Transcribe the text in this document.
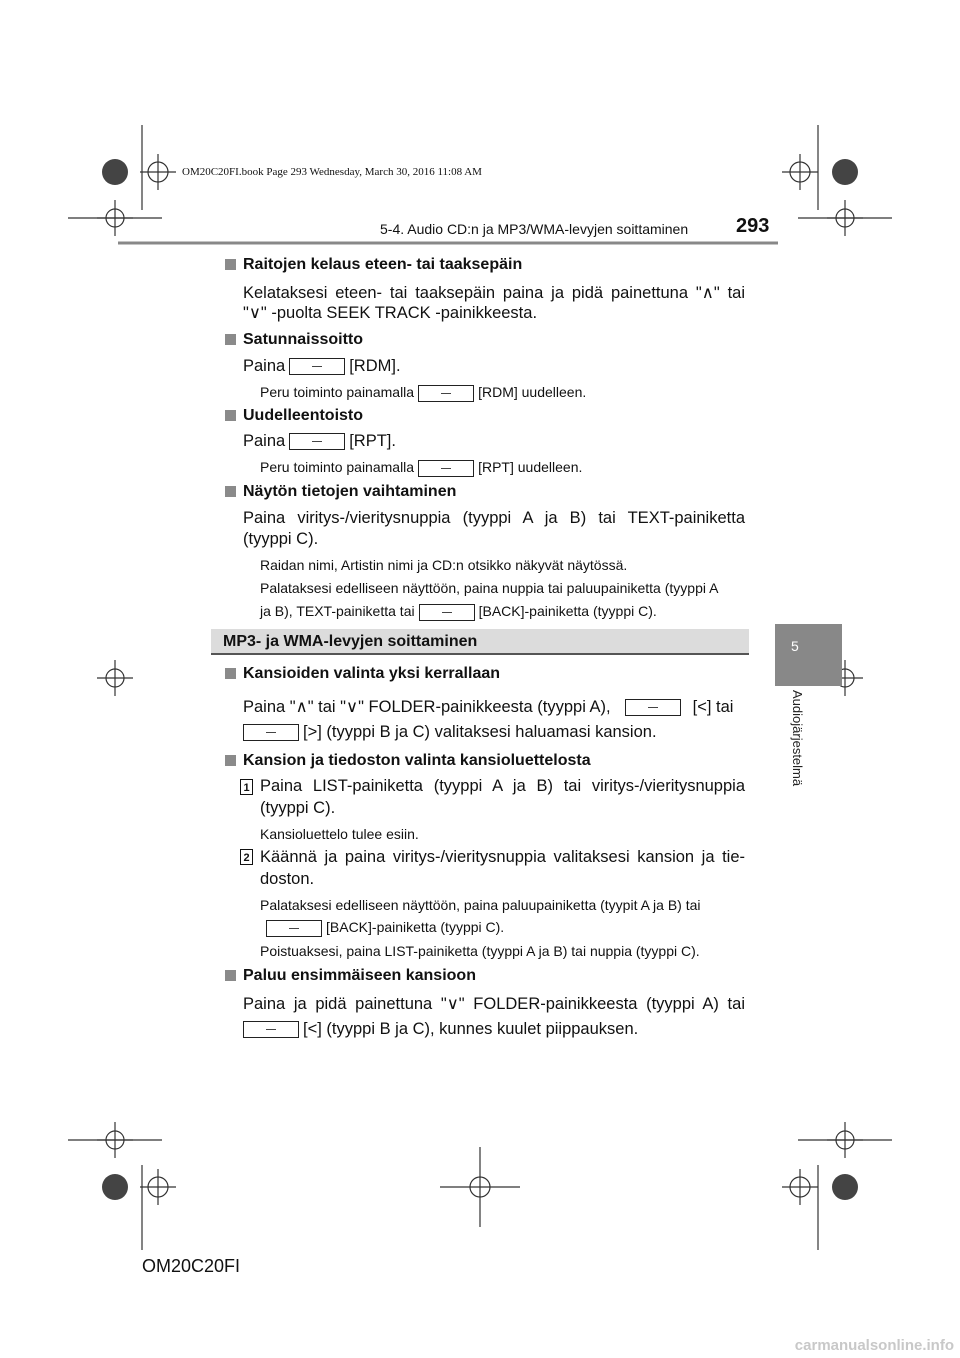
OM20C20FI.book Page 293 Wednesday, March 30, 2016 11:08 AM
5-4. Audio CD:n ja MP3/WMA-levyjen soittaminen 293
5
Audiojärjestelmä
Raitojen kelaus eteen- tai taaksepäin
Kelataksesi eteen- tai taaksepäin paina ja pidä painettuna "∧" tai
"∨" -puolta SEEK TRACK -painikkeesta.
Satunnaissoitto
Paina	[RDM].
Peru toiminto painamalla	[RDM] uudelleen.
Uudelleentoisto
Paina	[RPT].
Peru toiminto painamalla	[RPT] uudelleen.
Näytön tietojen vaihtaminen
Paina viritys-/vieritysnuppia (tyyppi A ja B) tai TEXT-painiketta
(tyyppi C).
Raidan nimi, Artistin nimi ja CD:n otsikko näkyvät näytössä.
Palataksesi edelliseen näyttöön, paina nuppia tai paluupainiketta (tyyppi A
ja B), TEXT-painiketta tai	[BACK]-painiketta (tyyppi C).
MP3- ja WMA-levyjen soittaminen
Kansioiden valinta yksi kerrallaan
Paina "∧" tai "∨" FOLDER-painikkeesta (tyyppi A),	[<] tai
[>] (tyyppi B ja C) valitaksesi haluamasi kansion.
Kansion ja tiedoston valinta kansioluettelosta
1 Paina LIST-painiketta (tyyppi A ja B) tai viritys-/vieritysnuppia
(tyyppi C).
Kansioluettelo tulee esiin.
2 Käännä ja paina viritys-/vieritysnuppia valitaksesi kansion ja tie-
doston.
Palataksesi edelliseen näyttöön, paina paluupainiketta (tyypit A ja B) tai
[BACK]-painiketta (tyyppi C).
Poistuaksesi, paina LIST-painiketta (tyyppi A ja B) tai nuppia (tyyppi C).
Paluu ensimmäiseen kansioon
Paina ja pidä painettuna "∨" FOLDER-painikkeesta (tyyppi A) tai
[<] (tyyppi B ja C), kunnes kuulet piippauksen.
OM20C20FI
carmanualsonline.info
